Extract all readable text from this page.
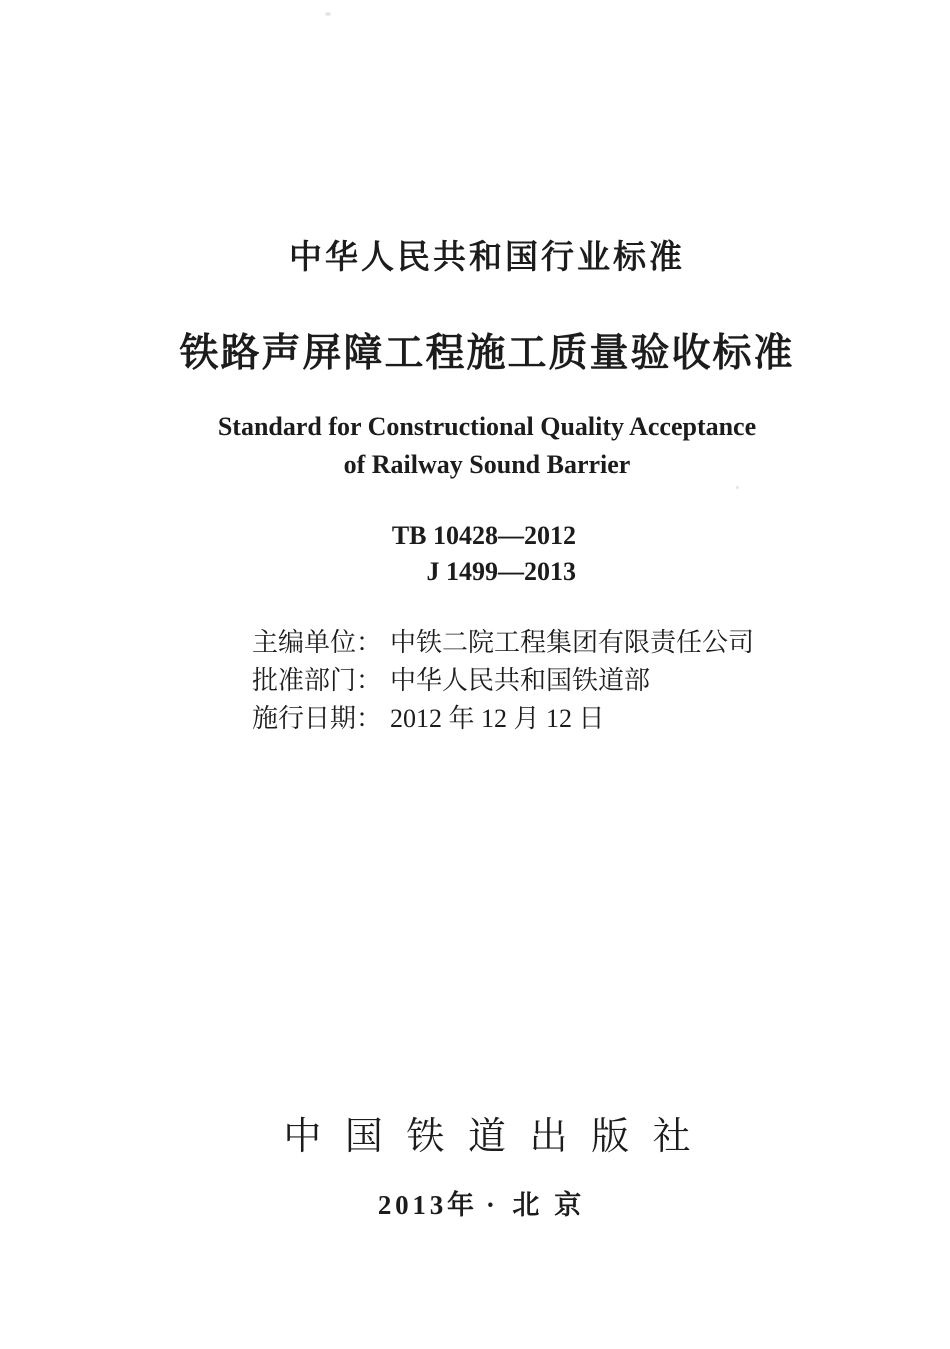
中华人民共和国行业标准
铁路声屏障工程施工质量验收标准
Standard for Constructional Quality Acceptance
of Railway Sound Barrier
TB 10428—2012
J 1499—2013
主编单位： 中铁二院工程集团有限责任公司
批准部门： 中华人民共和国铁道部
施行日期： 2012 年 12 月 12 日
中国铁道出版社
2013年 · 北京
